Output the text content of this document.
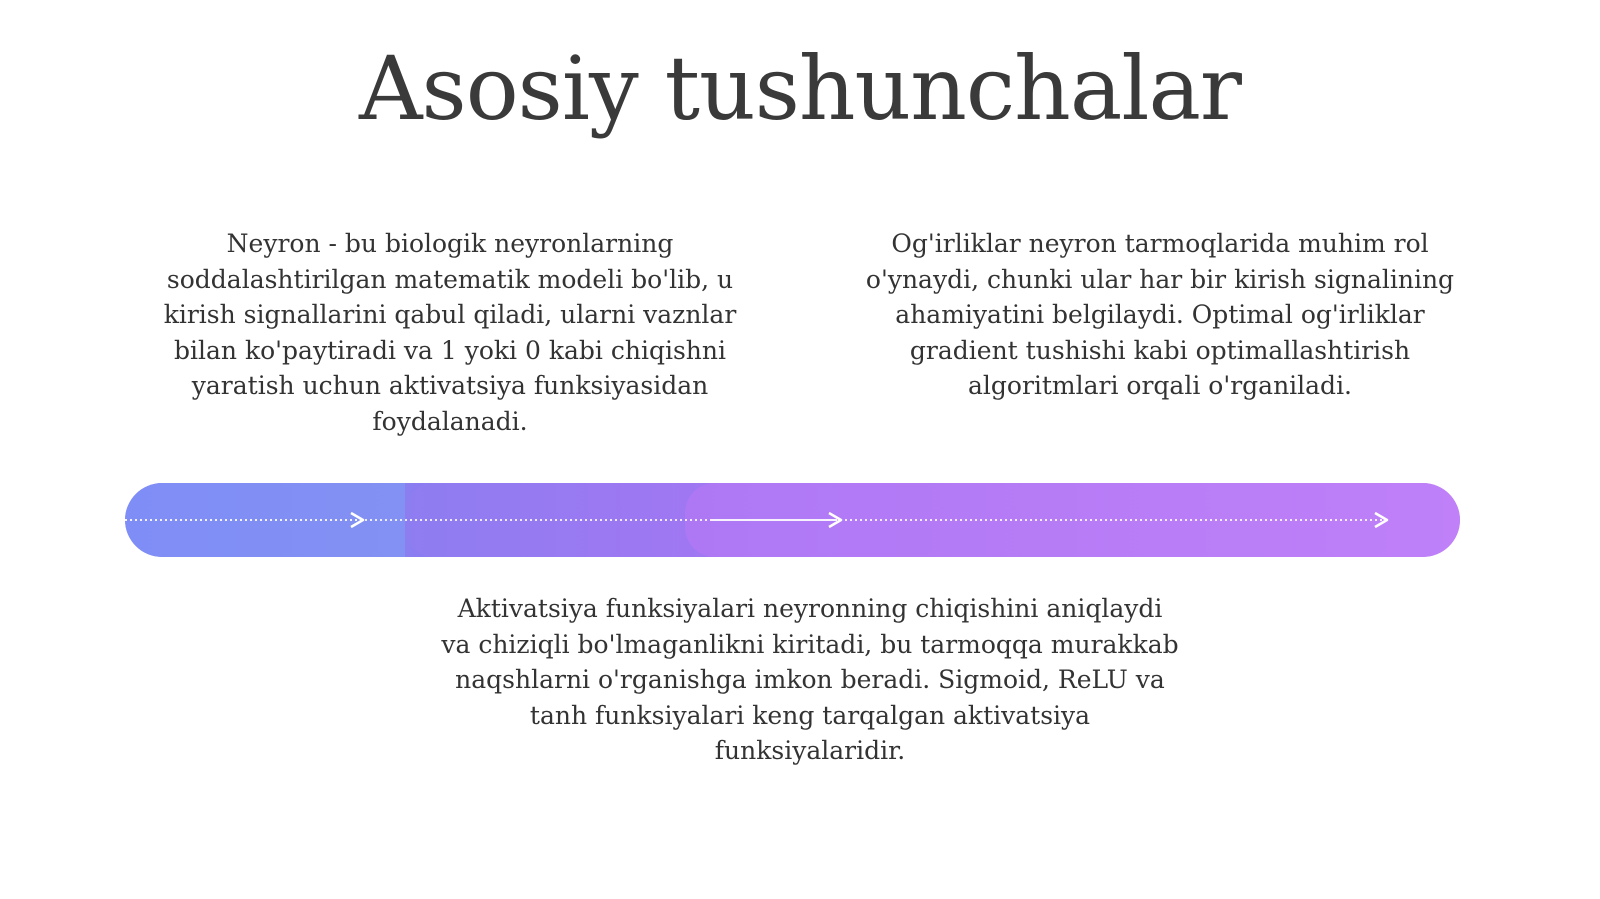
Asosiy tushunchalar
Neyron - bu biologik neyronlarning soddalashtirilgan matematik modeli bo'lib, u kirish signallarini qabul qiladi, ularni vaznlar bilan ko'paytiradi va 1 yoki 0 kabi chiqishni yaratish uchun aktivatsiya funksiyasidan foydalanadi.
Og'irliklar neyron tarmoqlarida muhim rol o'ynaydi, chunki ular har bir kirish signalining ahamiyatini belgilaydi. Optimal og'irliklar gradient tushishi kabi optimallashtirish algoritmlari orqali o'rganiladi.
Aktivatsiya funksiyalari neyronning chiqishini aniqlaydi va chiziqli bo'lmaganlikni kiritadi, bu tarmoqqa murakkab naqshlarni o'rganishga imkon beradi. Sigmoid, ReLU va tanh funksiyalari keng tarqalgan aktivatsiya funksiyalaridir.
